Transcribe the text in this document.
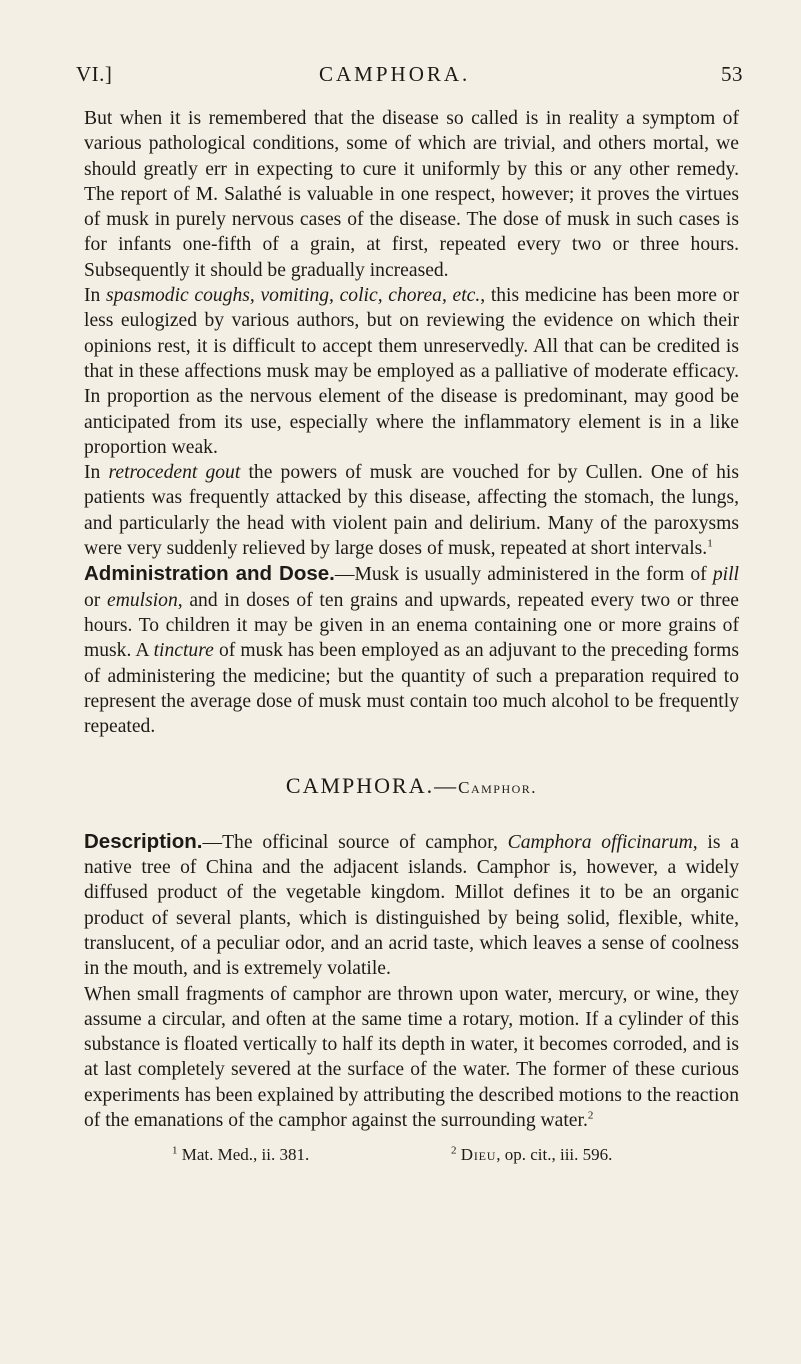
VI.]	CAMPHORA.	53

But when it is remembered that the disease so called is in reality a symptom of various pathological conditions, some of which are trivial, and others mortal, we should greatly err in expecting to cure it uniformly by this or any other remedy. The report of M. Salathé is valuable in one respect, however; it proves the virtues of musk in purely nervous cases of the disease. The dose of musk in such cases is for infants one-fifth of a grain, at first, repeated every two or three hours. Subsequently it should be gradually increased.

In spasmodic coughs, vomiting, colic, chorea, etc., this medicine has been more or less eulogized by various authors, but on reviewing the evidence on which their opinions rest, it is difficult to accept them unreservedly. All that can be credited is that in these affections musk may be employed as a palliative of moderate efficacy. In proportion as the nervous element of the disease is predominant, may good be anticipated from its use, especially where the inflammatory element is in a like proportion weak.

In retrocedent gout the powers of musk are vouched for by Cullen. One of his patients was frequently attacked by this disease, affecting the stomach, the lungs, and particularly the head with violent pain and delirium. Many of the paroxysms were very suddenly relieved by large doses of musk, repeated at short intervals.$^1$

Administration and Dose.—Musk is usually administered in the form of pill or emulsion, and in doses of ten grains and upwards, repeated every two or three hours. To children it may be given in an enema containing one or more grains of musk. A tincture of musk has been employed as an adjuvant to the preceding forms of administering the medicine; but the quantity of such a preparation required to represent the average dose of musk must contain too much alcohol to be frequently repeated.

CAMPHORA.—Camphor.

Description.—The officinal source of camphor, Camphora officinarum, is a native tree of China and the adjacent islands. Camphor is, however, a widely diffused product of the vegetable kingdom. Millot defines it to be an organic product of several plants, which is distinguished by being solid, flexible, white, translucent, of a peculiar odor, and an acrid taste, which leaves a sense of coolness in the mouth, and is extremely volatile.

When small fragments of camphor are thrown upon water, mercury, or wine, they assume a circular, and often at the same time a rotary, motion. If a cylinder of this substance is floated vertically to half its depth in water, it becomes corroded, and is at last completely severed at the surface of the water. The former of these curious experiments has been explained by attributing the described motions to the reaction of the emanations of the camphor against the surrounding water.$^2$

$^1$ Mat. Med., ii. 381.	$^2$ Dieu, op. cit., iii. 596.
